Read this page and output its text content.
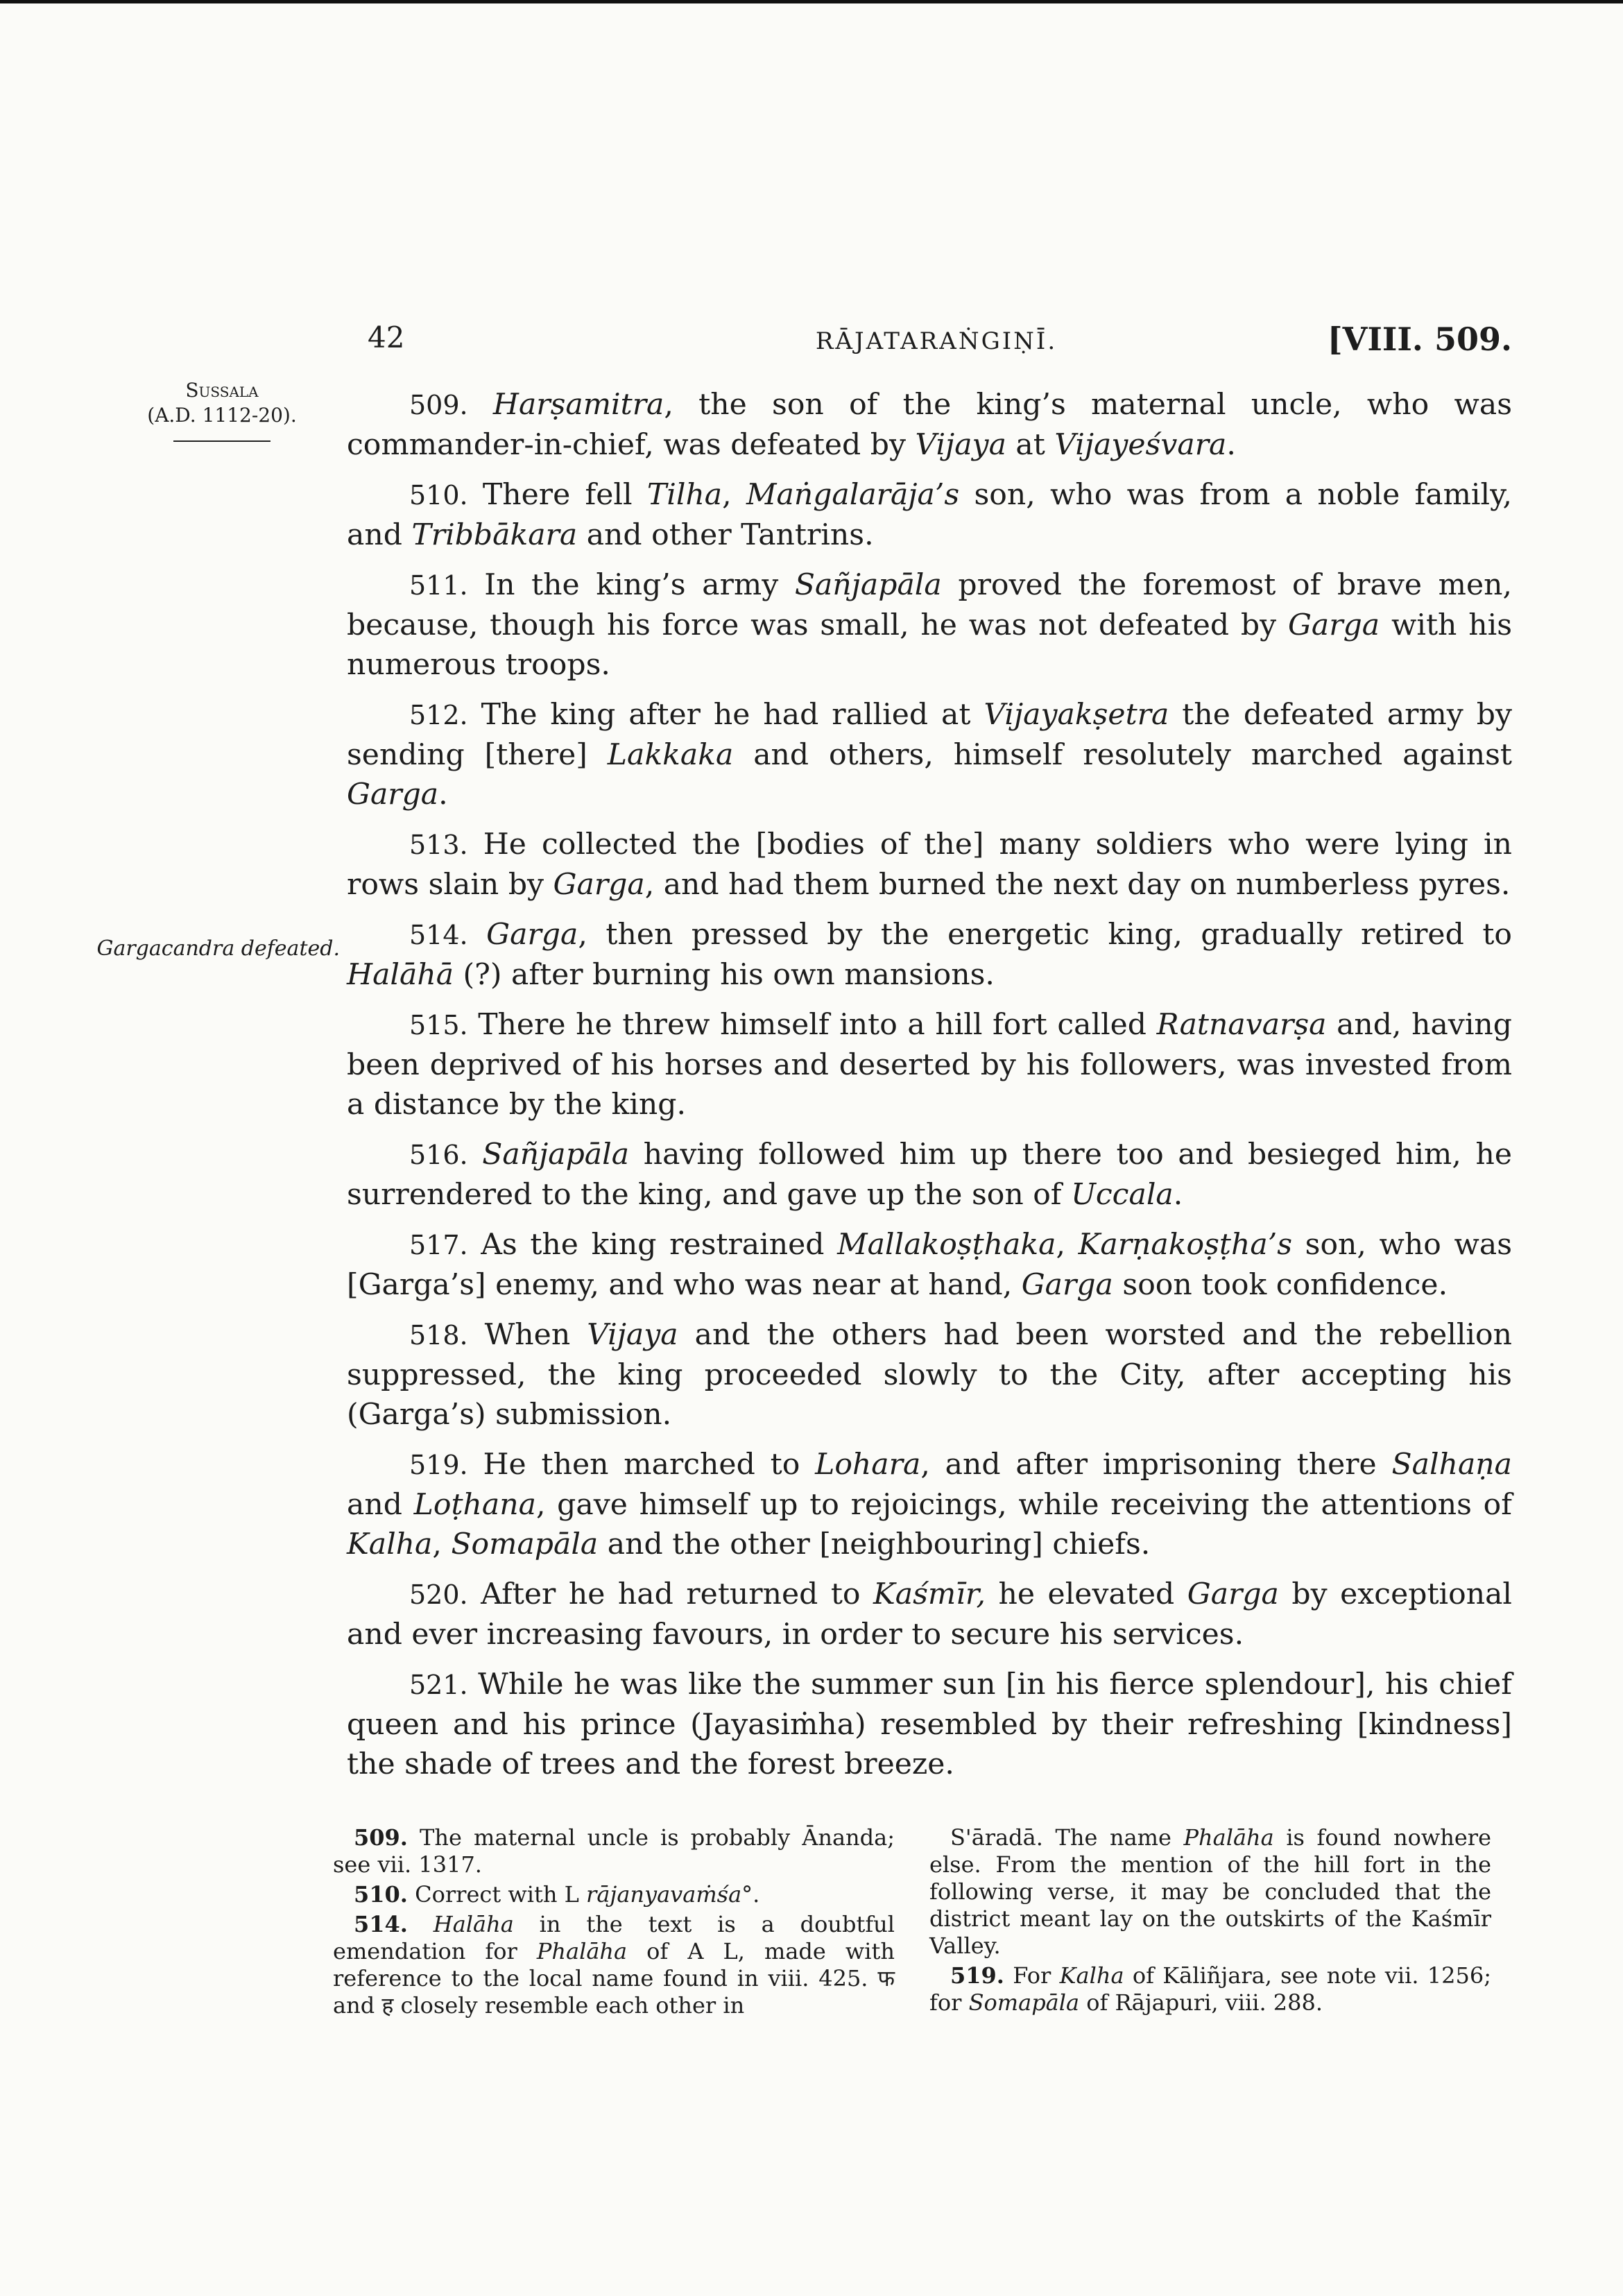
42	RĀJATARAṄGIṆĪ.	[VIII. 509.
Sussala
(A.D. 1112-20).
Gargacandra defeated.

509. Harṣamitra, the son of the king’s maternal uncle, who was commander-in-chief, was defeated by Vijaya at Vijayeśvara.

510. There fell Tilha, Maṅgalarāja’s son, who was from a noble family, and Tribbākara and other Tantrins.

511. In the king’s army Sañjapāla proved the foremost of brave men, because, though his force was small, he was not defeated by Garga with his numerous troops.

512. The king after he had rallied at Vijayakṣetra the defeated army by sending [there] Lakkaka and others, himself resolutely marched against Garga.

513. He collected the [bodies of the] many soldiers who were lying in rows slain by Garga, and had them burned the next day on numberless pyres.

514. Garga, then pressed by the energetic king, gradually retired to Halāhā (?) after burning his own mansions.

515. There he threw himself into a hill fort called Ratnavarṣa and, having been deprived of his horses and deserted by his followers, was invested from a distance by the king.

516. Sañjapāla having followed him up there too and besieged him, he surrendered to the king, and gave up the son of Uccala.

517. As the king restrained Mallakoṣṭhaka, Karṇakoṣṭha’s son, who was [Garga’s] enemy, and who was near at hand, Garga soon took confidence.

518. When Vijaya and the others had been worsted and the rebellion suppressed, the king proceeded slowly to the City, after accepting his (Garga’s) submission.

519. He then marched to Lohara, and after imprisoning there Salhaṇa and Loṭhana, gave himself up to rejoicings, while receiving the attentions of Kalha, Somapāla and the other [neighbouring] chiefs.

520. After he had returned to Kaśmīr, he elevated Garga by exceptional and ever increasing favours, in order to secure his services.

521. While he was like the summer sun [in his fierce splendour], his chief queen and his prince (Jayasiṁha) resembled by their refreshing [kindness] the shade of trees and the forest breeze.

509. The maternal uncle is probably Ānanda; see vii. 1317.

510. Correct with L rājanyavaṁśa°.

514. Halāha in the text is a doubtful emendation for Phalāha of A L, made with reference to the local name found in viii. 425. फ and ह closely resemble each other in

S'āradā. The name Phalāha is found nowhere else. From the mention of the hill fort in the following verse, it may be concluded that the district meant lay on the outskirts of the Kaśmīr Valley.

519. For Kalha of Kāliñjara, see note vii. 1256; for Somapāla of Rājapuri, viii. 288.
